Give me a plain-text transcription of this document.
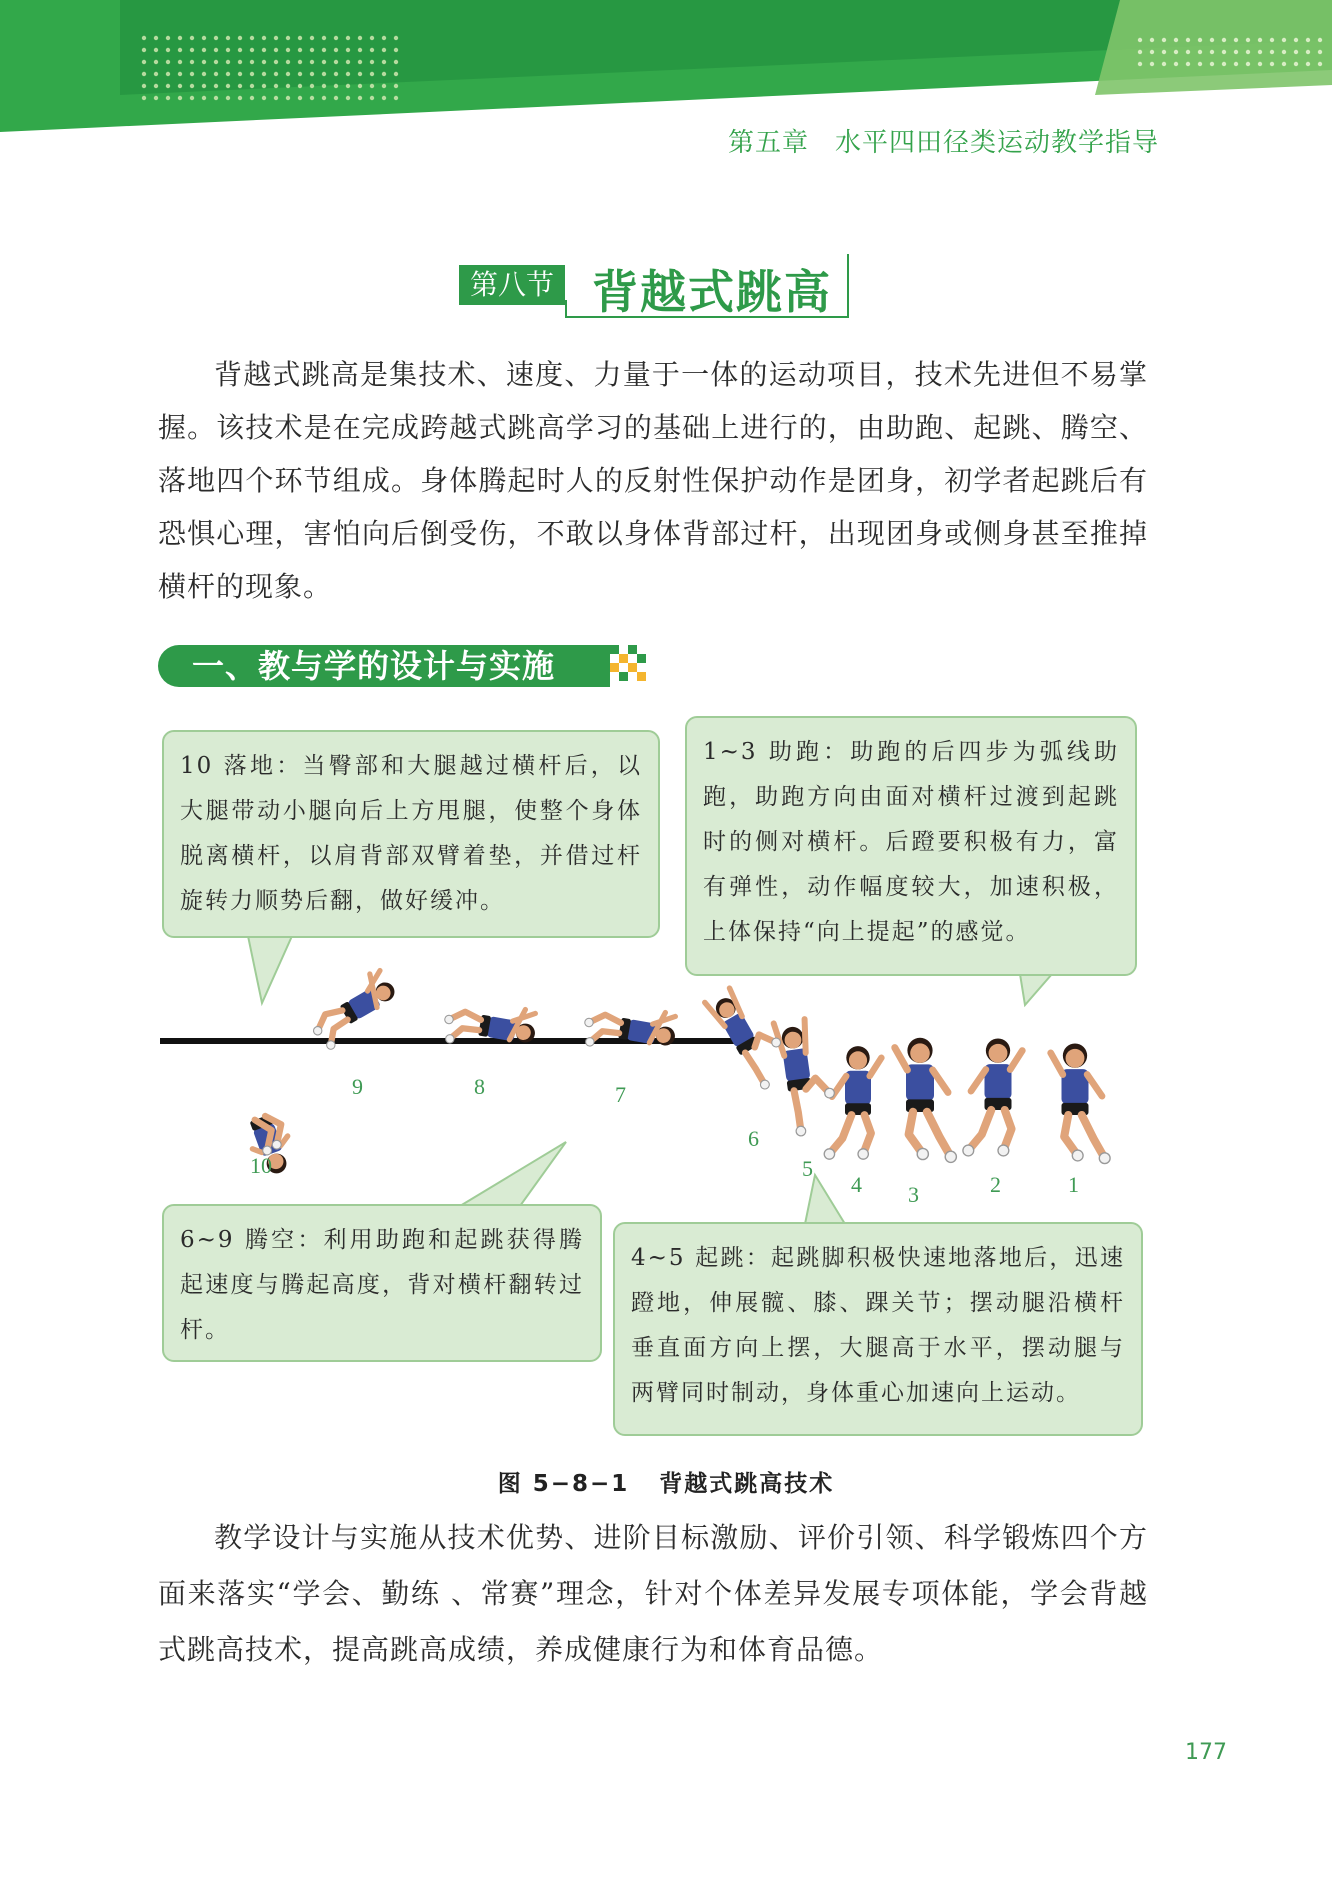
第五章 水平四田径类运动教学指导
第八节 背越式跳高

背越式跳高是集技术、速度、力量于一体的运动项目，技术先进但不易掌握。该技术是在完成跨越式跳高学习的基础上进行的，由助跑、起跳、腾空、落地四个环节组成。身体腾起时人的反射性保护动作是团身，初学者起跳后有恐惧心理，害怕向后倒受伤，不敢以身体背部过杆，出现团身或侧身甚至推掉横杆的现象。

一、教与学的设计与实施
10 落地：当臀部和大腿越过横杆后，以大腿带动小腿向后上方甩腿，使整个身体脱离横杆，以肩背部双臂着垫，并借过杆旋转力顺势后翻，做好缓冲。
1~3 助跑：助跑的后四步为弧线助跑，助跑方向由面对横杆过渡到起跳时的侧对横杆。后蹬要积极有力，富有弹性，动作幅度较大，加速积极，上体保持“向上提起”的感觉。
6~9 腾空：利用助跑和起跳获得腾起速度与腾起高度，背对横杆翻转过杆。
4~5 起跳：起跳脚积极快速地落地后，迅速蹬地，伸展髋、膝、踝关节；摆动腿沿横杆垂直面方向上摆，大腿高于水平，摆动腿与两臂同时制动，身体重心加速向上运动。
10
9	8	7
6
5
4 3	2	1
图 5−8−1 背越式跳高技术

教学设计与实施从技术优势、进阶目标激励、评价引领、科学锻炼四个方面来落实“学会、勤练 、常赛”理念，针对个体差异发展专项体能，学会背越式跳高技术，提高跳高成绩，养成健康行为和体育品德。

177
